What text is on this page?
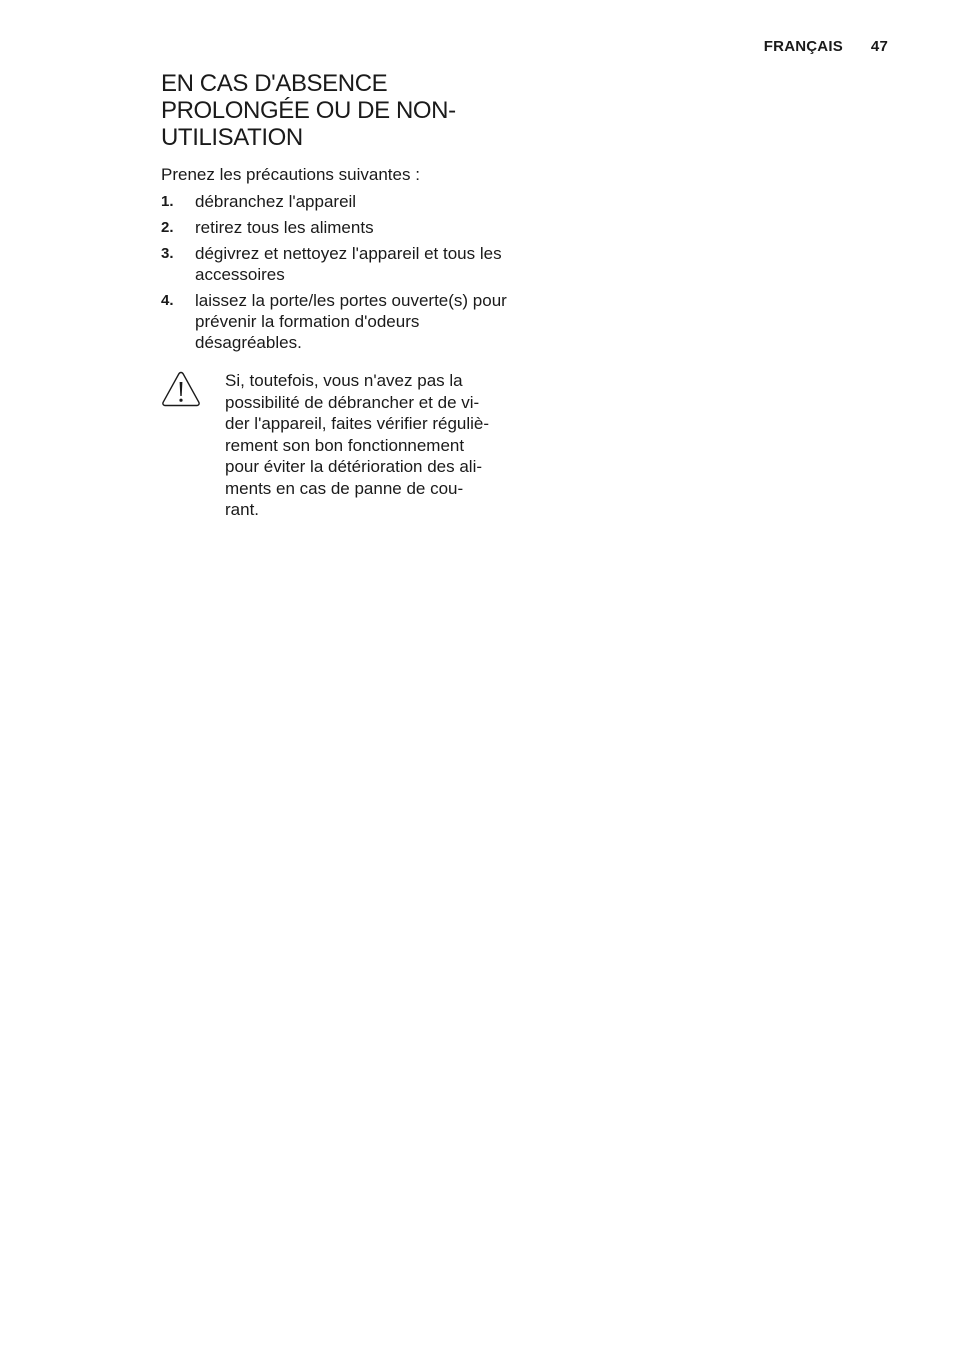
FRANÇAIS 47
EN CAS D'ABSENCE PROLONGÉE OU DE NON-UTILISATION

Prenez les précautions suivantes :

1.	débranchez l'appareil
2.	retirez tous les aliments
3.	dégivrez et nettoyez l'appareil et tous les accessoires
4.	laissez la porte/les portes ouverte(s) pour prévenir la formation d'odeurs désagréables.
Si, toutefois, vous n'avez pas la
possibilité de débrancher et de vi-
der l'appareil, faites vérifier réguliè-
rement son bon fonctionnement
pour éviter la détérioration des ali-
ments en cas de panne de cou-
rant.
